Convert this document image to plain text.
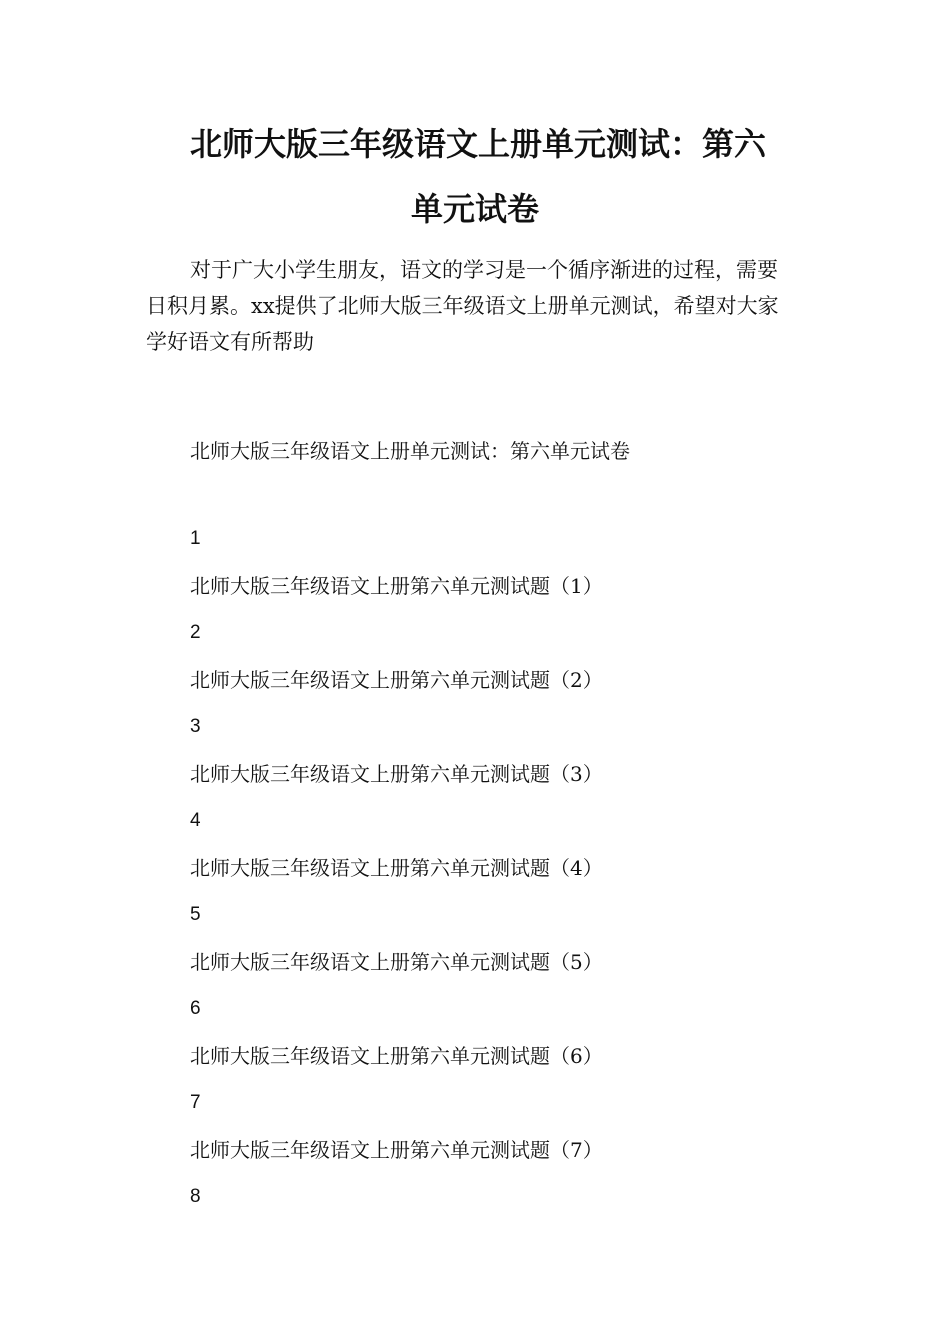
北师大版三年级语文上册单元测试：第六
单元试卷

对于广大小学生朋友，语文的学习是一个循序渐进的过程，需要
日积月累。xx提供了北师大版三年级语文上册单元测试，希望对大家
学好语文有所帮助

北师大版三年级语文上册单元测试：第六单元试卷

1
北师大版三年级语文上册第六单元测试题（1）
2
北师大版三年级语文上册第六单元测试题（2）
3
北师大版三年级语文上册第六单元测试题（3）
4
北师大版三年级语文上册第六单元测试题（4）
5
北师大版三年级语文上册第六单元测试题（5）
6
北师大版三年级语文上册第六单元测试题（6）
7
北师大版三年级语文上册第六单元测试题（7）
8
